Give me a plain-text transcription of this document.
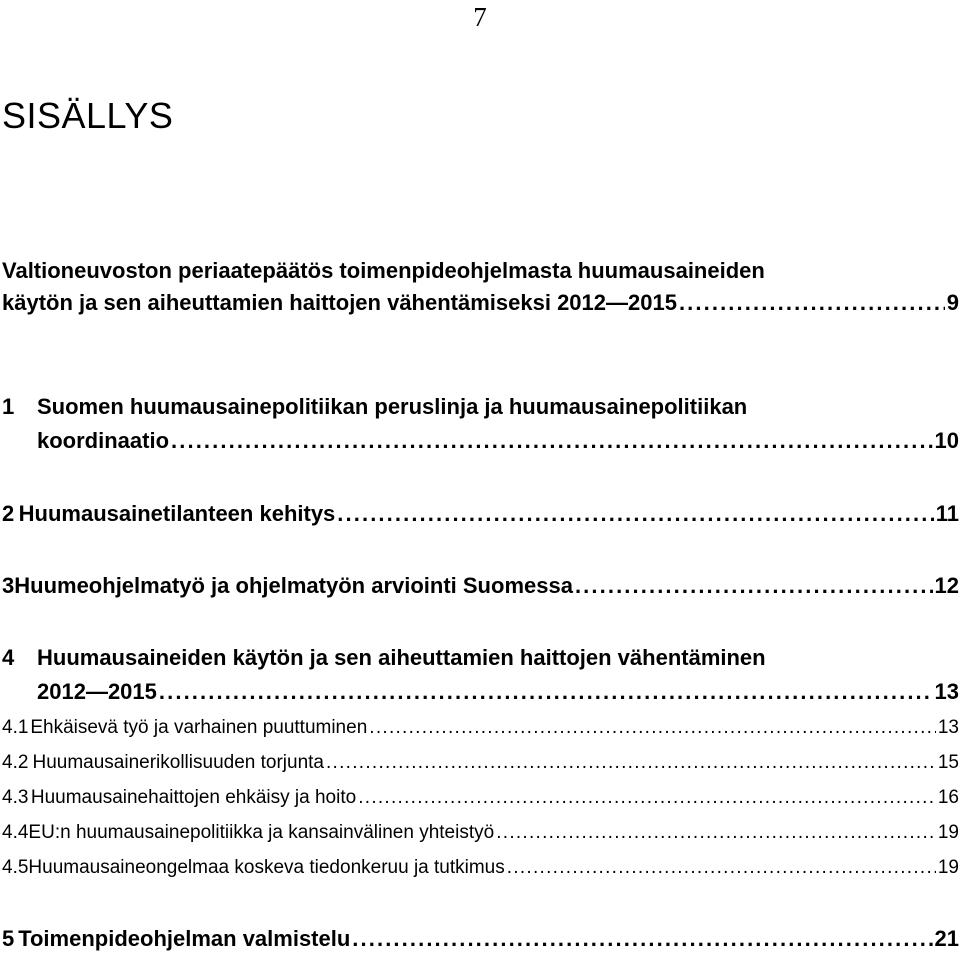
7
SISÄLLYS
Valtioneuvoston periaatepäätös toimenpideohjelmasta huumausaineiden
käytön ja sen aiheuttamien haittojen vähentämiseksi 2012—2015 . . .	9
1 Suomen huumausainepolitiikan peruslinja ja huumausainepolitiikan
koordinaatio . . .	10
2 Huumausainetilanteen kehitys . . .	11
3 Huumeohjelmatyö ja ohjelmatyön arviointi Suomessa . . .	12
4 Huumausaineiden käytön ja sen aiheuttamien haittojen vähentäminen
2012—2015 . . .	13
4.1 Ehkäisevä työ ja varhainen puuttuminen . . .	13
4.2 Huumausainerikollisuuden torjunta . . .	15
4.3 Huumausainehaittojen ehkäisy ja hoito . . .	16
4.4 EU:n huumausainepolitiikka ja kansainvälinen yhteistyö . . .	19
4.5 Huumausaineongelmaa koskeva tiedonkeruu ja tutkimus . . .	19
5 Toimenpideohjelman valmistelu . . .	21
